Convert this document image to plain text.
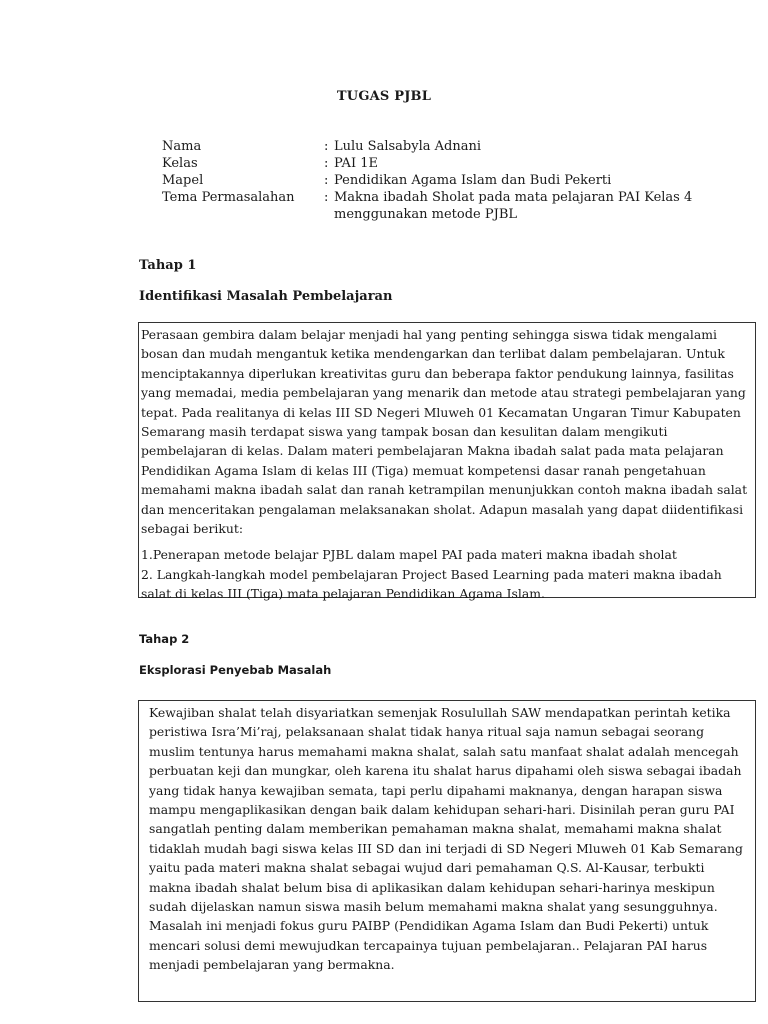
TUGAS PJBL
Nama	: Lulu Salsabyla Adnani
Kelas	: PAI 1E
Mapel	: Pendidikan Agama Islam dan Budi Pekerti
Tema Permasalahan	: Makna ibadah Sholat pada mata pelajaran PAI Kelas 4
menggunakan metode PJBL
Tahap 1
Identifikasi Masalah Pembelajaran

Perasaan gembira dalam belajar menjadi hal yang penting sehingga siswa tidak mengalami bosan dan mudah mengantuk ketika mendengarkan dan terlibat dalam pembelajaran. Untuk menciptakannya diperlukan kreativitas guru dan beberapa faktor pendukung lainnya, fasilitas yang memadai, media pembelajaran yang menarik dan metode atau strategi pembelajaran yang tepat. Pada realitanya di kelas III SD Negeri Mluweh 01 Kecamatan Ungaran Timur Kabupaten Semarang masih terdapat siswa yang tampak bosan dan kesulitan dalam mengikuti pembelajaran di kelas. Dalam materi pembelajaran Makna ibadah salat pada mata pelajaran Pendidikan Agama Islam di kelas III (Tiga) memuat kompetensi dasar ranah pengetahuan memahami makna ibadah salat dan ranah ketrampilan menunjukkan contoh makna ibadah salat dan menceritakan pengalaman melaksanakan sholat. Adapun masalah yang dapat diidentifikasi sebagai berikut:

1.Penerapan metode belajar PJBL dalam mapel PAI pada materi makna ibadah sholat

2. Langkah-langkah model pembelajaran Project Based Learning pada materi makna ibadah salat di kelas III (Tiga) mata pelajaran Pendidikan Agama Islam.

Tahap 2
Eksplorasi Penyebab Masalah

Kewajiban shalat telah disyariatkan semenjak Rosulullah SAW mendapatkan perintah ketika peristiwa Isra’Mi’raj, pelaksanaan shalat tidak hanya ritual saja namun sebagai seorang muslim tentunya harus memahami makna shalat, salah satu manfaat shalat adalah mencegah perbuatan keji dan mungkar, oleh karena itu shalat harus dipahami oleh siswa sebagai ibadah yang tidak hanya kewajiban semata, tapi perlu dipahami maknanya, dengan harapan siswa mampu mengaplikasikan dengan baik dalam kehidupan sehari-hari. Disinilah peran guru PAI sangatlah penting dalam memberikan pemahaman makna shalat, memahami makna shalat tidaklah mudah bagi siswa kelas III SD dan ini terjadi di SD Negeri Mluweh 01 Kab Semarang yaitu pada materi makna shalat sebagai wujud dari pemahaman Q.S. Al-Kausar, terbukti makna ibadah shalat belum bisa di aplikasikan dalam kehidupan sehari-harinya meskipun sudah dijelaskan namun siswa masih belum memahami makna shalat yang sesungguhnya. Masalah ini menjadi fokus guru PAIBP (Pendidikan Agama Islam dan Budi Pekerti) untuk mencari solusi demi mewujudkan tercapainya tujuan pembelajaran.. Pelajaran PAI harus menjadi pembelajaran yang bermakna.
